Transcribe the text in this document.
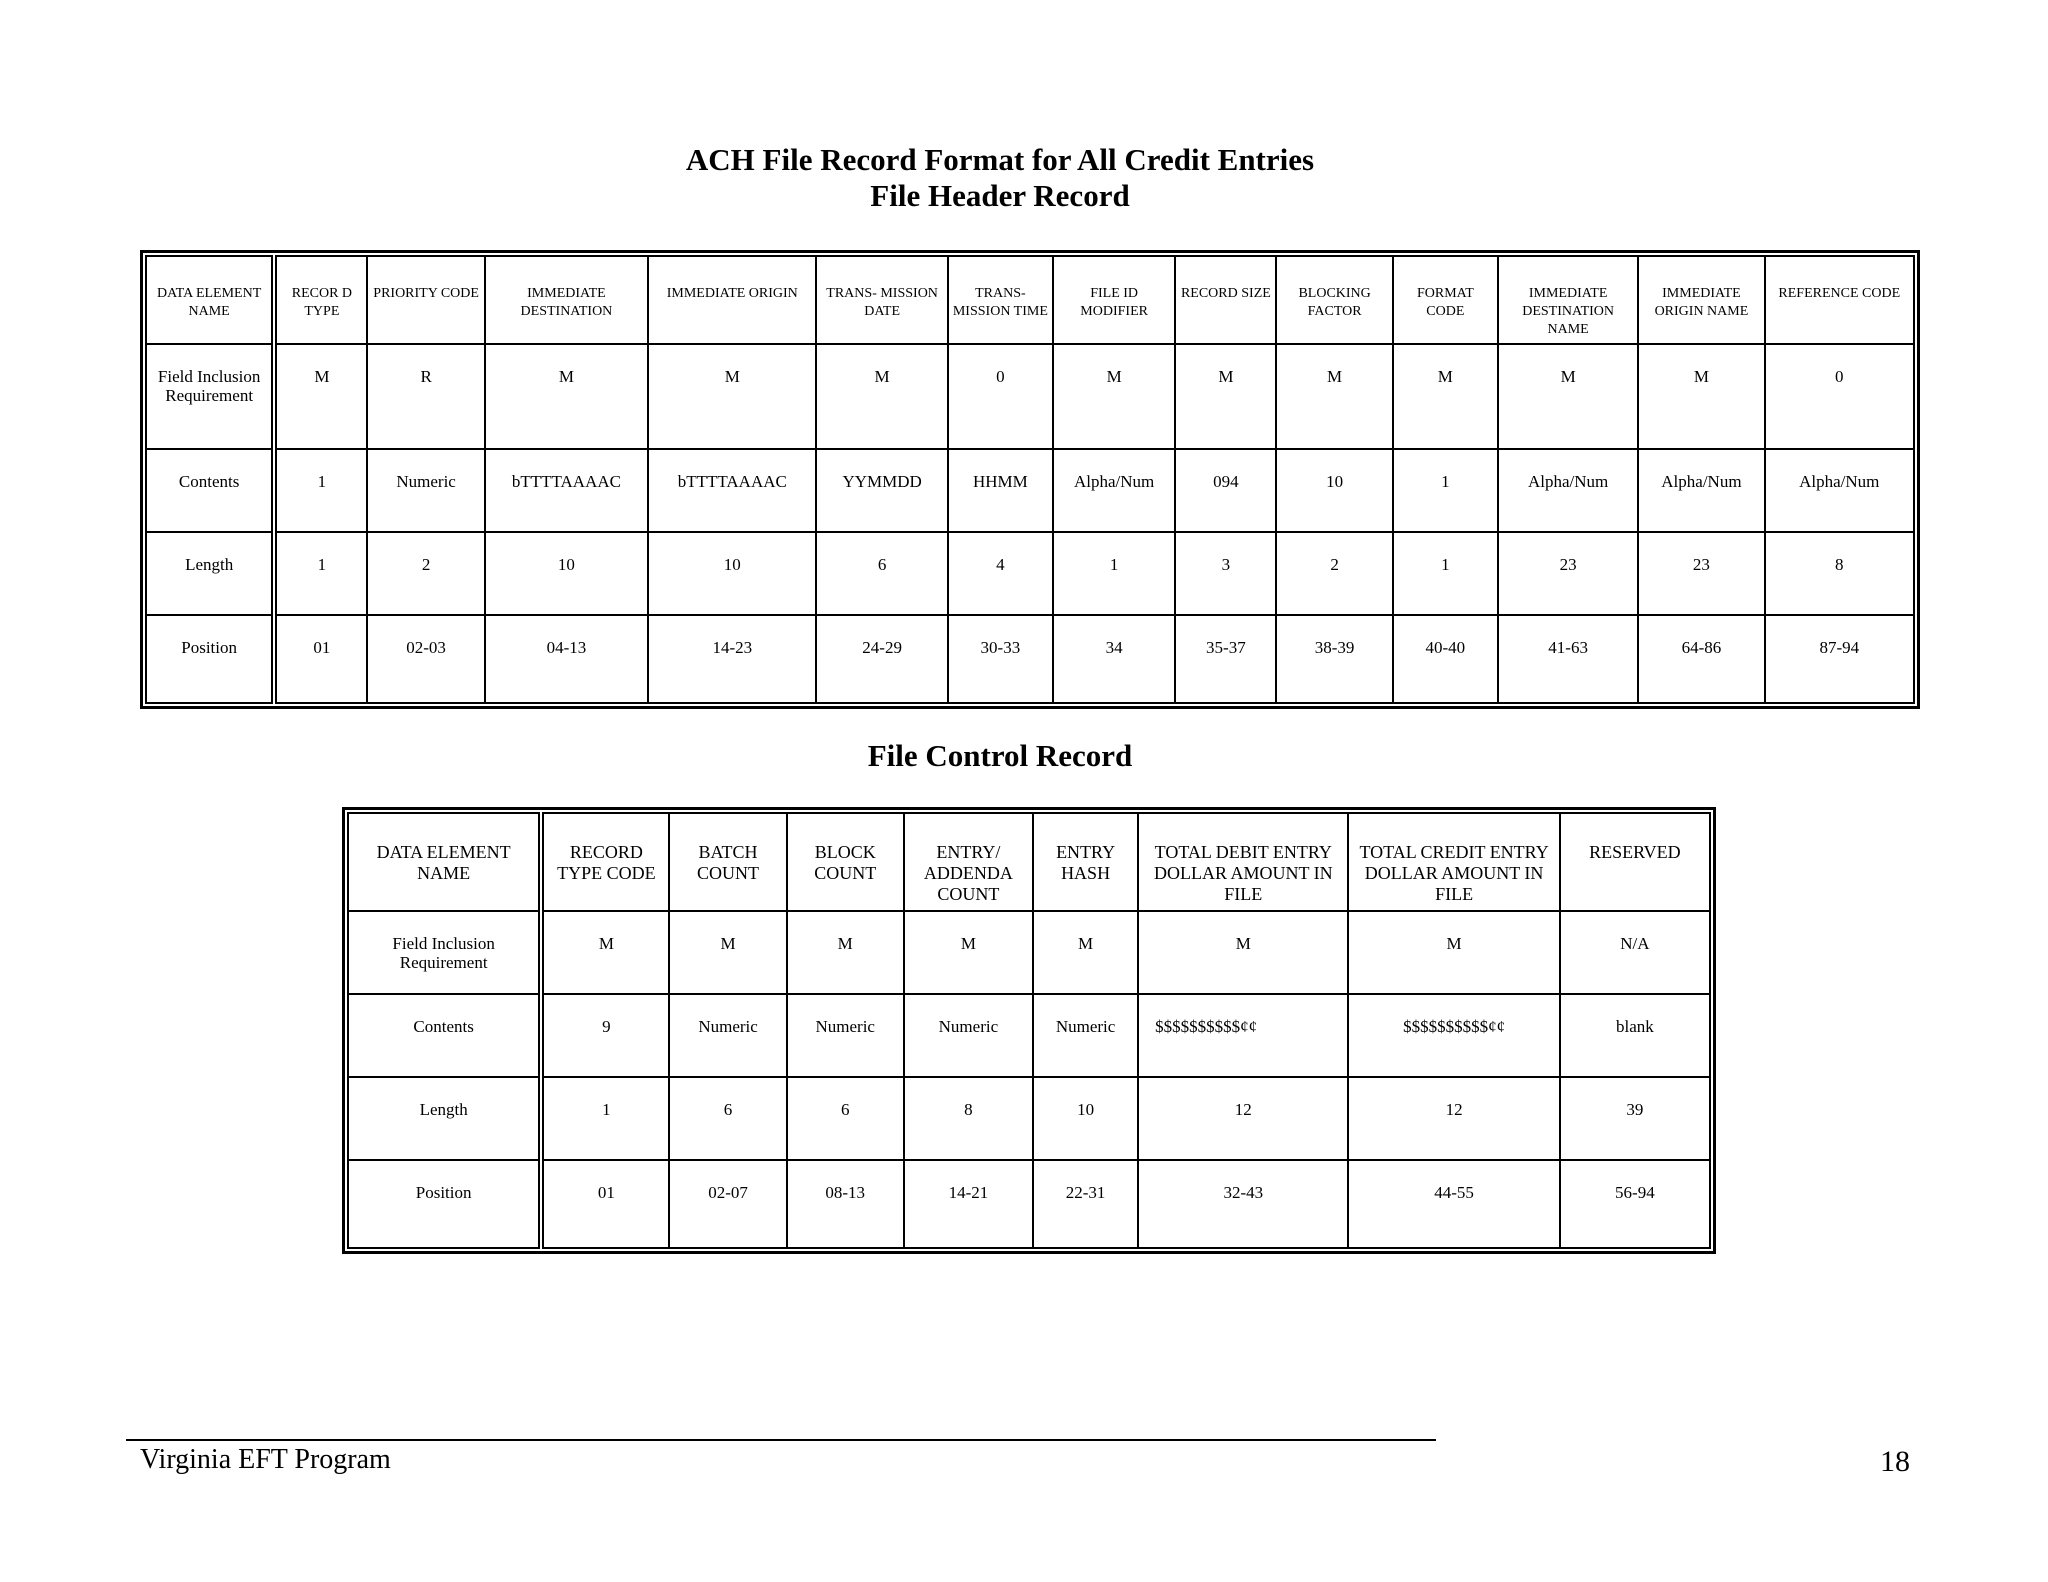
ACH File Record Format for All Credit Entries
File Header Record
DATA ELEMENT NAME	RECOR D TYPE	PRIORITY CODE	IMMEDIATE DESTINATION	IMMEDIATE ORIGIN	TRANS- MISSION DATE	TRANS- MISSION TIME	FILE ID MODIFIER	RECORD SIZE	BLOCKING FACTOR	FORMAT CODE	IMMEDIATE DESTINATION NAME	IMMEDIATE ORIGIN NAME	REFERENCE CODE
Field Inclusion Requirement	M	R	M	M	M	0	M	M	M	M	M	M	0
Contents	1	Numeric	bTTTTAAAAC	bTTTTAAAAC	YYMMDD	HHMM	Alpha/Num	094	10	1	Alpha/Num	Alpha/Num	Alpha/Num
Length	1	2	10	10	6	4	1	3	2	1	23	23	8
Position	01	02-03	04-13	14-23	24-29	30-33	34	35-37	38-39	40-40	41-63	64-86	87-94
File Control Record
DATA ELEMENT NAME	RECORD TYPE CODE	BATCH COUNT	BLOCK COUNT	ENTRY/ ADDENDA COUNT	ENTRY HASH	TOTAL DEBIT ENTRY DOLLAR AMOUNT IN FILE	TOTAL CREDIT ENTRY DOLLAR AMOUNT IN FILE	RESERVED
Field Inclusion Requirement	M	M	M	M	M	M	M	N/A
Contents	9	Numeric	Numeric	Numeric	Numeric	$$$$$$$$$$¢¢	$$$$$$$$$$¢¢	blank
Length	1	6	6	8	10	12	12	39
Position	01	02-07	08-13	14-21	22-31	32-43	44-55	56-94
Virginia EFT Program	18
